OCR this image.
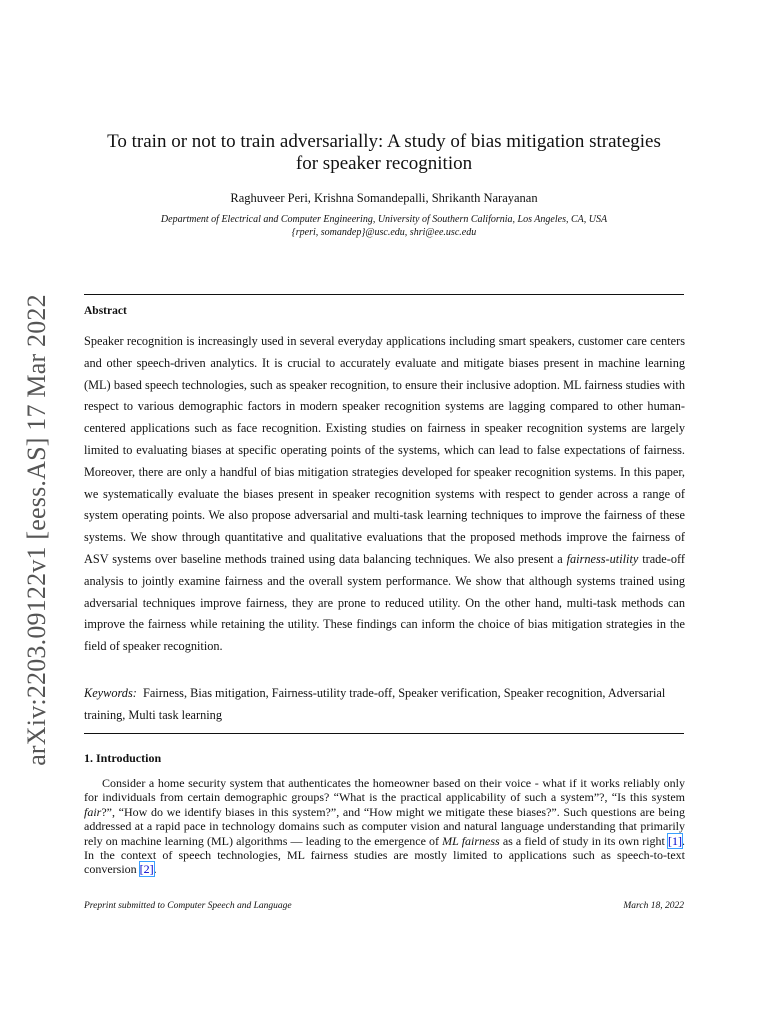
arXiv:2203.09122v1 [eess.AS] 17 Mar 2022
To train or not to train adversarially: A study of bias mitigation strategies
for speaker recognition
Raghuveer Peri, Krishna Somandepalli, Shrikanth Narayanan
Department of Electrical and Computer Engineering, University of Southern California, Los Angeles, CA, USA
{rperi, somandep}@usc.edu, shri@ee.usc.edu
Abstract

Speaker recognition is increasingly used in several everyday applications including smart speakers, customer care centers and other speech-driven analytics. It is crucial to accurately evaluate and mitigate biases present in machine learning (ML) based speech technologies, such as speaker recognition, to ensure their inclusive adoption. ML fairness studies with respect to various demographic factors in modern speaker recognition systems are lagging compared to other human-centered applications such as face recognition. Existing studies on fairness in speaker recognition systems are largely limited to evaluating biases at specific operating points of the systems, which can lead to false expectations of fairness. Moreover, there are only a handful of bias mitigation strategies developed for speaker recognition systems. In this paper, we systematically evaluate the biases present in speaker recognition systems with respect to gender across a range of system operating points. We also propose adversarial and multi-task learning techniques to improve the fairness of these systems. We show through quantitative and qualitative evaluations that the proposed methods improve the fairness of ASV systems over baseline methods trained using data balancing techniques. We also present a fairness-utility trade-off analysis to jointly examine fairness and the overall system performance. We show that although systems trained using adversarial techniques improve fairness, they are prone to reduced utility. On the other hand, multi-task methods can improve the fairness while retaining the utility. These findings can inform the choice of bias mitigation strategies in the field of speaker recognition.

Keywords: Fairness, Bias mitigation, Fairness-utility trade-off, Speaker verification, Speaker recognition, Adversarial training, Multi task learning

1. Introduction

Consider a home security system that authenticates the homeowner based on their voice - what if it works reliably only for individuals from certain demographic groups? “What is the practical applicability of such a system”?, “Is this system fair?”, “How do we identify biases in this system?”, and “How might we mitigate these biases?”. Such questions are being addressed at a rapid pace in technology domains such as computer vision and natural language understanding that primarily rely on machine learning (ML) algorithms — leading to the emergence of ML fairness as a field of study in its own right [1]. In the context of speech technologies, ML fairness studies are mostly limited to applications such as speech-to-text conversion [2].

Preprint submitted to Computer Speech and Language	March 18, 2022
